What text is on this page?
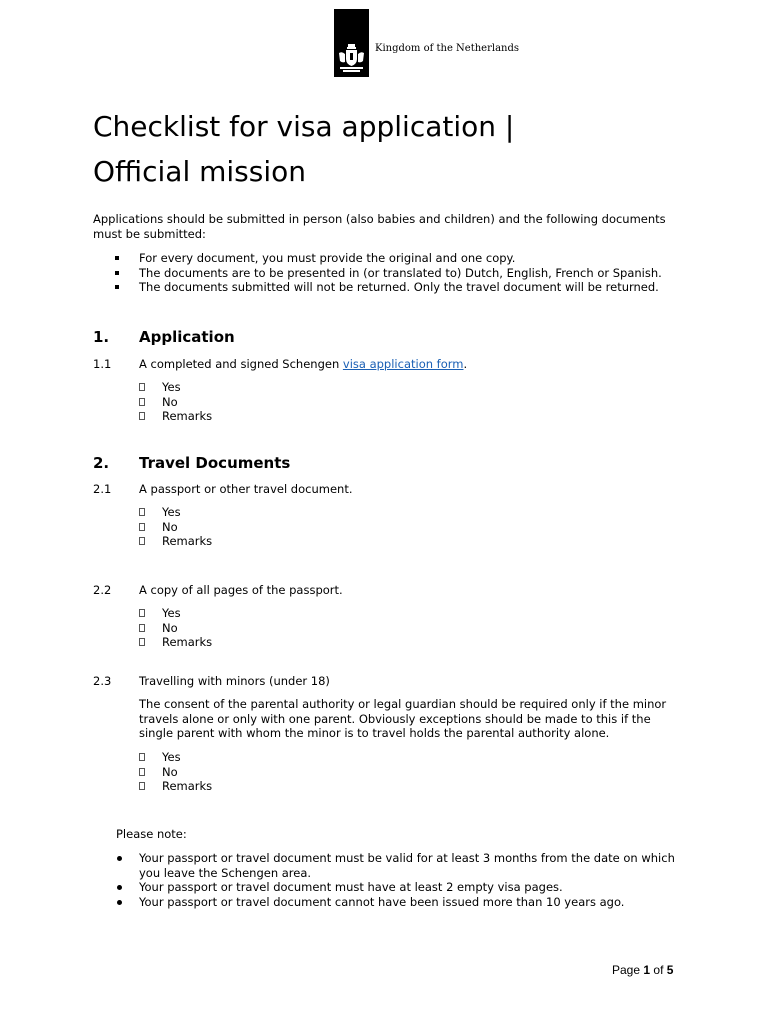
Kingdom of the Netherlands
Checklist for visa application |
Official mission
Applications should be submitted in person (also babies and children) and the following documents must be submitted:
For every document, you must provide the original and one copy.
The documents are to be presented in (or translated to) Dutch, English, French or Spanish.
The documents submitted will not be returned. Only the travel document will be returned.
1. Application
1.1 A completed and signed Schengen visa application form.
Yes
No
Remarks
2. Travel Documents
2.1 A passport or other travel document.
Yes
No
Remarks
2.2 A copy of all pages of the passport.
Yes
No
Remarks
2.3 Travelling with minors (under 18)
The consent of the parental authority or legal guardian should be required only if the minor travels alone or only with one parent. Obviously exceptions should be made to this if the single parent with whom the minor is to travel holds the parental authority alone.
Yes
No
Remarks
Please note:
Your passport or travel document must be valid for at least 3 months from the date on which you leave the Schengen area.
Your passport or travel document must have at least 2 empty visa pages.
Your passport or travel document cannot have been issued more than 10 years ago.
Page 1 of 5
